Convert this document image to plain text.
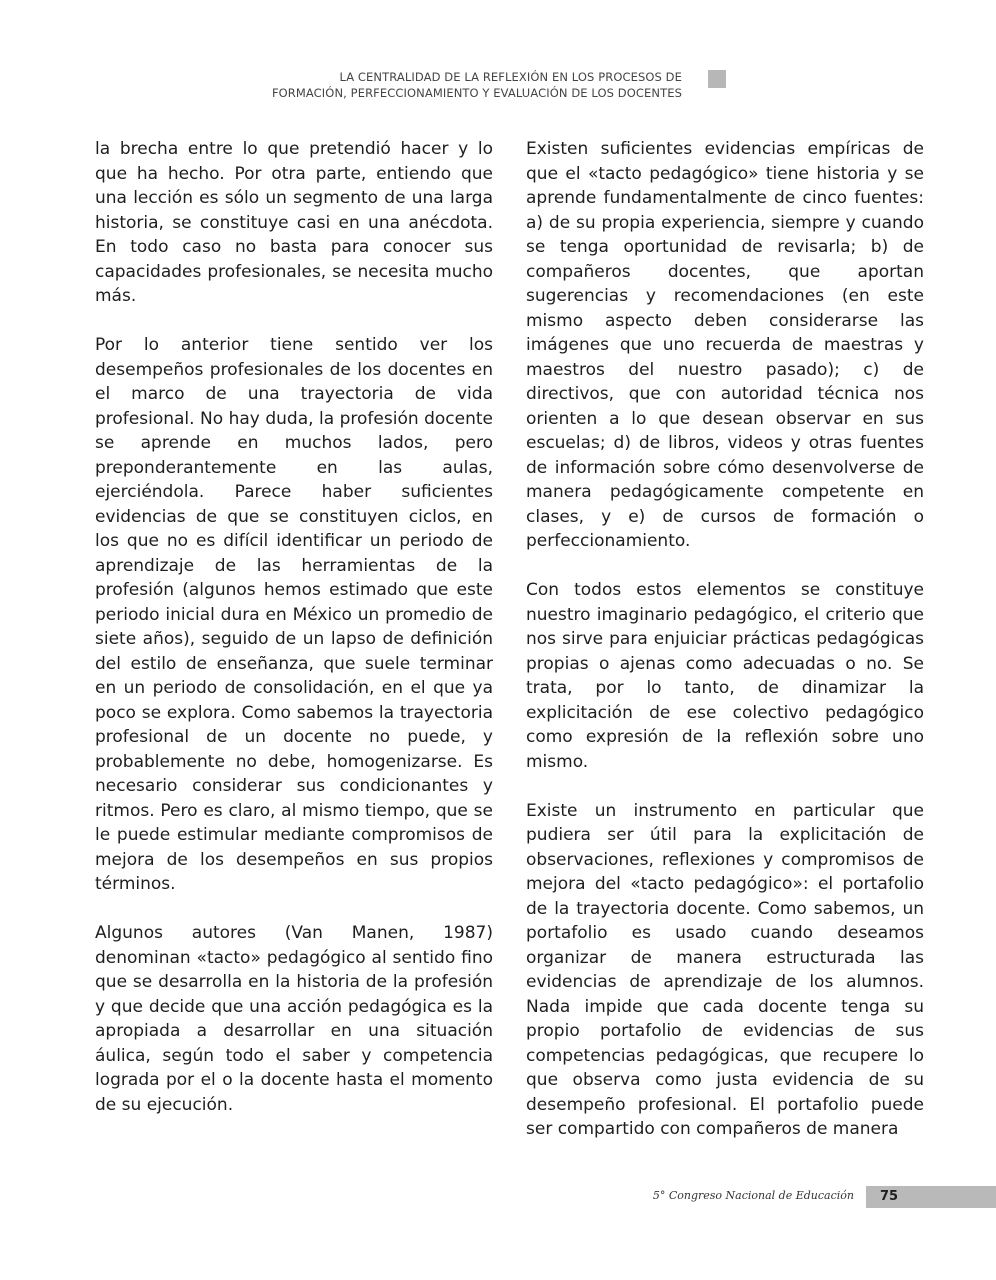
LA CENTRALIDAD DE LA REFLEXIÓN EN LOS PROCESOS DE
FORMACIÓN, PERFECCIONAMIENTO Y EVALUACIÓN DE LOS DOCENTES

la brecha entre lo que pretendió hacer y lo que ha hecho. Por otra parte, entiendo que una lección es sólo un segmento de una larga historia, se constituye casi en una anécdota. En todo caso no basta para conocer sus capacidades profesionales, se necesita mucho más.

Por lo anterior tiene sentido ver los desempeños profesionales de los docentes en el marco de una trayectoria de vida profesional. No hay duda, la profesión docente se aprende en muchos lados, pero preponderantemente en las aulas, ejerciéndola. Parece haber suficientes evidencias de que se constituyen ciclos, en los que no es difícil identificar un periodo de aprendizaje de las herramientas de la profesión (algunos hemos estimado que este periodo inicial dura en México un promedio de siete años), seguido de un lapso de definición del estilo de enseñanza, que suele terminar en un periodo de consolidación, en el que ya poco se explora. Como sabemos la trayectoria profesional de un docente no puede, y probablemente no debe, homogenizarse. Es necesario considerar sus condicionantes y ritmos. Pero es claro, al mismo tiempo, que se le puede estimular mediante compromisos de mejora de los desempeños en sus propios términos.

Algunos autores (Van Manen, 1987) denominan «tacto» pedagógico al sentido fino que se desarrolla en la historia de la profesión y que decide que una acción pedagógica es la apropiada a desarrollar en una situación áulica, según todo el saber y competencia lograda por el o la docente hasta el momento de su ejecución.

Existen suficientes evidencias empíricas de que el «tacto pedagógico» tiene historia y se aprende fundamentalmente de cinco fuentes: a) de su propia experiencia, siempre y cuando se tenga oportunidad de revisarla; b) de compañeros docentes, que aportan sugerencias y recomendaciones (en este mismo aspecto deben considerarse las imágenes que uno recuerda de maestras y maestros del nuestro pasado); c) de directivos, que con autoridad técnica nos orienten a lo que desean observar en sus escuelas; d) de libros, videos y otras fuentes de información sobre cómo desenvolverse de manera pedagógicamente competente en clases, y e) de cursos de formación o perfeccionamiento.

Con todos estos elementos se constituye nuestro imaginario pedagógico, el criterio que nos sirve para enjuiciar prácticas pedagógicas propias o ajenas como adecuadas o no. Se trata, por lo tanto, de dinamizar la explicitación de ese colectivo pedagógico como expresión de la reflexión sobre uno mismo.

Existe un instrumento en particular que pudiera ser útil para la explicitación de observaciones, reflexiones y compromisos de mejora del «tacto pedagógico»: el portafolio de la trayectoria docente. Como sabemos, un portafolio es usado cuando deseamos organizar de manera estructurada las evidencias de aprendizaje de los alumnos. Nada impide que cada docente tenga su propio portafolio de evidencias de sus competencias pedagógicas, que recupere lo que observa como justa evidencia de su desempeño profesional. El portafolio puede ser compartido con compañeros de manera

5° Congreso Nacional de Educación 75
